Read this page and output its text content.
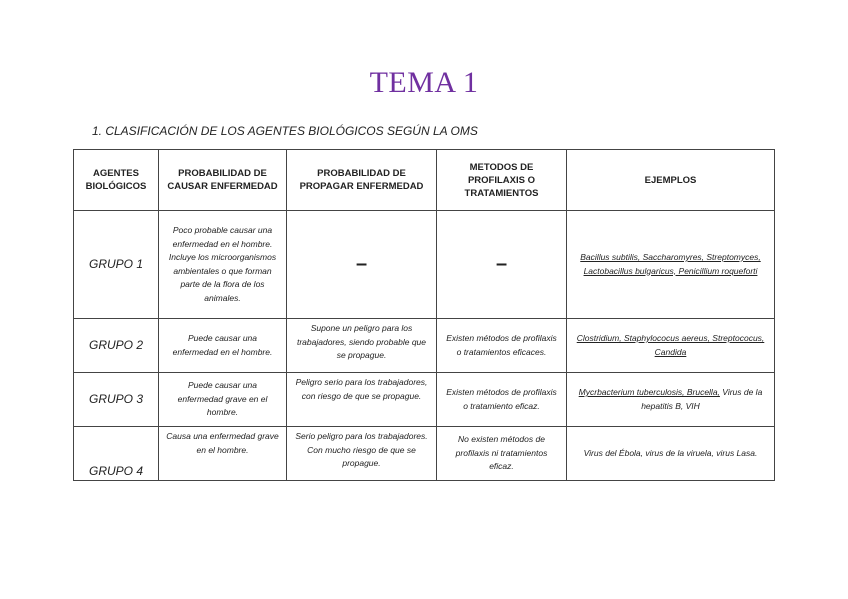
TEMA 1
1. CLASIFICACIÓN DE LOS AGENTES BIOLÓGICOS SEGÚN LA OMS
AGENTES BIOLÓGICOS	PROBABILIDAD DE CAUSAR ENFERMEDAD	PROBABILIDAD DE PROPAGAR ENFERMEDAD	METODOS DE PROFILAXIS O TRATAMIENTOS	EJEMPLOS
GRUPO 1	Poco probable causar una enfermedad en el hombre. Incluye los microorganismos ambientales o que forman parte de la flora de los animales.	–	–	Bacillus subtilis, Saccharomyres, Streptomyces, Lactobacillus bulgaricus, Penicillium roqueforti
GRUPO 2	Puede causar una enfermedad en el hombre.	Supone un peligro para los trabajadores, siendo probable que se propague.	Existen métodos de profilaxis o tratamientos eficaces.	Clostridium, Staphylococus aereus, Streptococus, Candida
GRUPO 3	Puede causar una enfermedad grave en el hombre.	Peligro serio para los trabajadores, con riesgo de que se propague.	Existen métodos de profilaxis o tratamiento eficaz.	Mycrbacterium tuberculosis, Brucella, Virus de la hepatitis B, VIH
GRUPO 4	Causa una enfermedad grave en el hombre.	Serio peligro para los trabajadores. Con mucho riesgo de que se propague.	No existen métodos de profilaxis ni tratamientos eficaz.	Virus del Ébola, virus de la viruela, virus Lasa.
